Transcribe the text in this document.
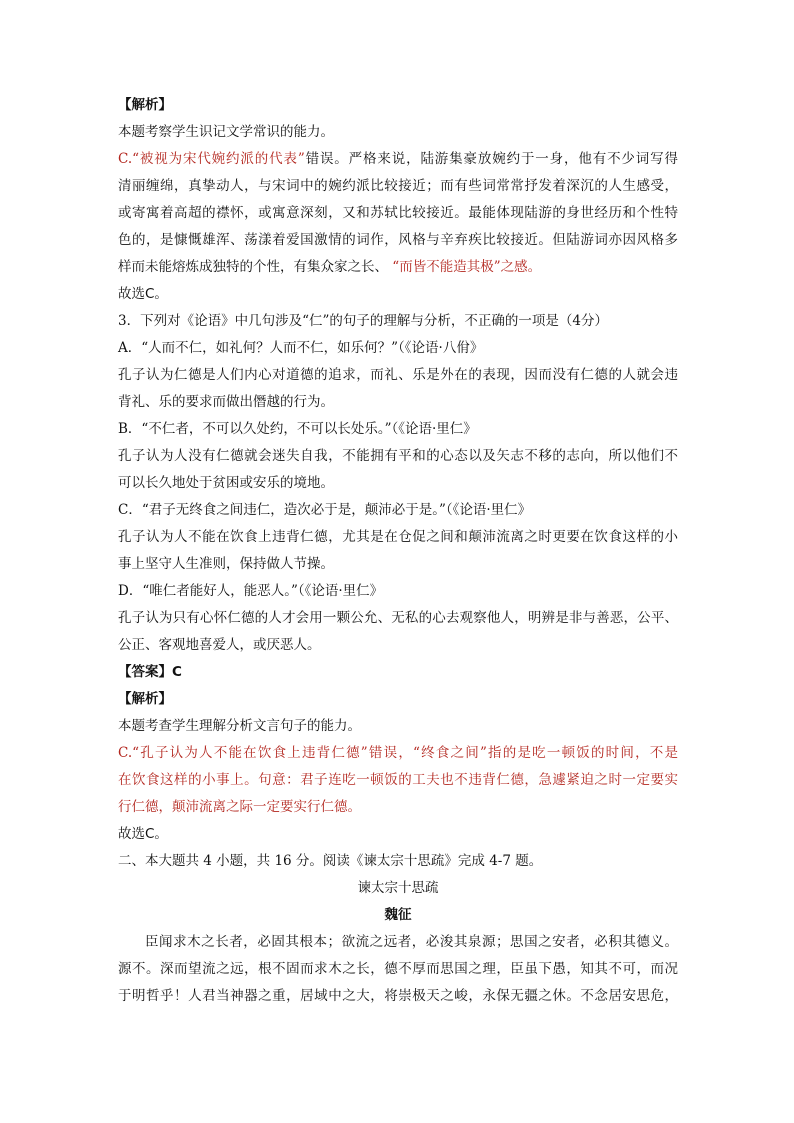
【解析】
本题考察学生识记文学常识的能力。
C.“被视为宋代婉约派的代表”错误。严格来说，陆游集豪放婉约于一身，他有不少词写得
清丽缠绵，真挚动人，与宋词中的婉约派比较接近；而有些词常常抒发着深沉的人生感受，
或寄寓着高超的襟怀，或寓意深刻，又和苏轼比较接近。最能体现陆游的身世经历和个性特
色的，是慷慨雄浑、荡漾着爱国激情的词作，风格与辛弃疾比较接近。但陆游词亦因风格多
样而未能熔炼成独特的个性，有集众家之长、 “而皆不能造其极”之感。
故选C。
3．下列对《论语》中几句涉及“仁”的句子的理解与分析，不正确的一项是（4分）
A．“人而不仁，如礼何？人而不仁，如乐何？”（《论语·八佾》
孔子认为仁德是人们内心对道德的追求，而礼、乐是外在的表现，因而没有仁德的人就会违
背礼、乐的要求而做出僭越的行为。
B．“不仁者，不可以久处约，不可以长处乐。”（《论语·里仁》
孔子认为人没有仁德就会迷失自我，不能拥有平和的心态以及矢志不移的志向，所以他们不
可以长久地处于贫困或安乐的境地。
C．“君子无终食之间违仁，造次必于是，颠沛必于是。”（《论语·里仁》
孔子认为人不能在饮食上违背仁德，尤其是在仓促之间和颠沛流离之时更要在饮食这样的小
事上坚守人生准则，保持做人节操。
D．“唯仁者能好人，能恶人。”（《论语·里仁》
孔子认为只有心怀仁德的人才会用一颗公允、无私的心去观察他人，明辨是非与善恶，公平、
公正、客观地喜爱人，或厌恶人。
【答案】C
【解析】
本题考查学生理解分析文言句子的能力。
C.“孔子认为人不能在饮食上违背仁德”错误，“终食之间”指的是吃一顿饭的时间，不是
在饮食这样的小事上。句意：君子连吃一顿饭的工夫也不违背仁德，急遽紧迫之时一定要实
行仁德，颠沛流离之际一定要实行仁德。
故选C。
二、本大题共 4 小题，共 16 分。阅读《谏太宗十思疏》完成 4-7 题。
谏太宗十思疏
魏征
臣闻求木之长者，必固其根本；欲流之远者，必浚其泉源；思国之安者，必积其德义。
源不。深而望流之远，根不固而求木之长，德不厚而思国之理，臣虽下愚，知其不可，而况
于明哲乎！人君当神器之重，居域中之大，将崇极天之峻，永保无疆之休。不念居安思危，
